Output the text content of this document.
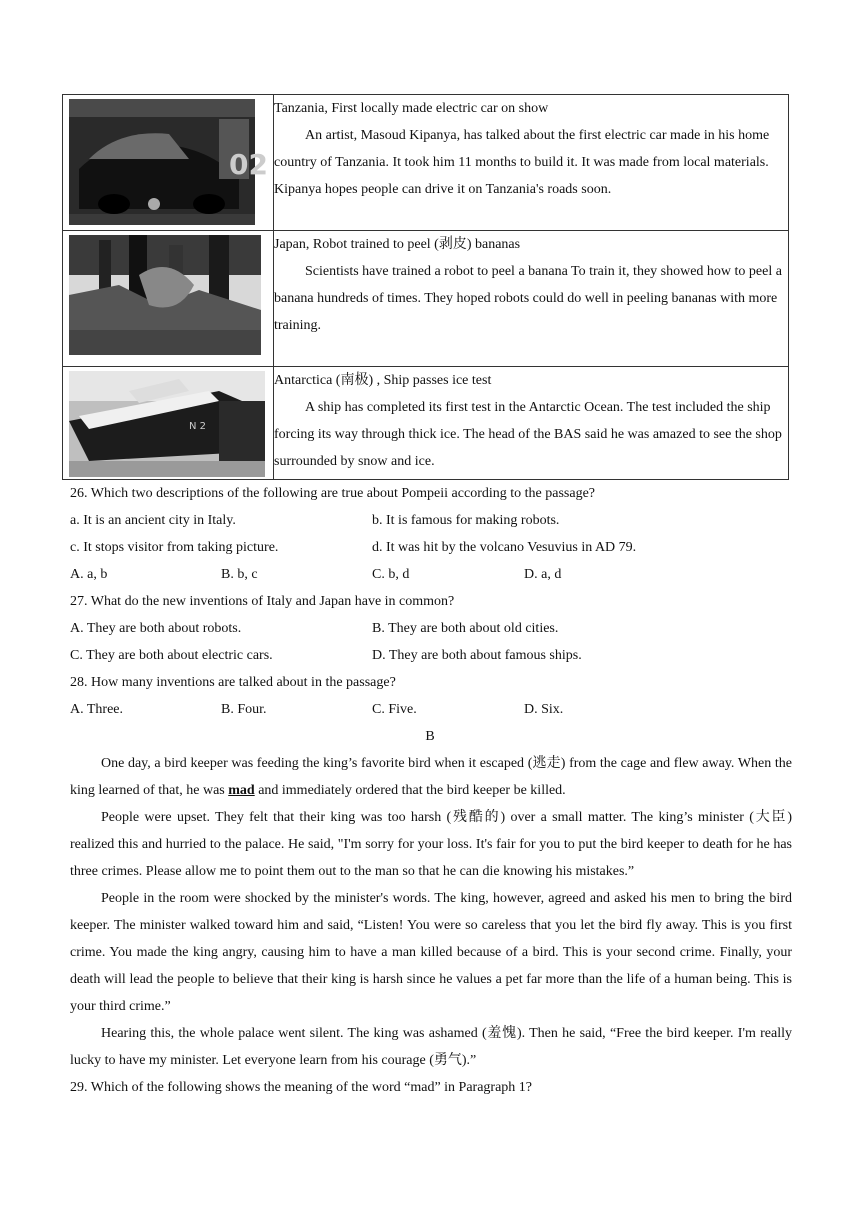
02	Tanzania, First locally made electric car on show
An artist, Masoud Kipanya, has talked about the first electric car made in his home country of Tanzania. It took him 11 months to build it. It was made from local materials. Kipanya hopes people can drive it on Tanzania's roads soon.

Japan, Robot trained to peel (剥皮) bananas
Scientists have trained a robot to peel a banana To train it, they showed how to peel a banana hundreds of times. They hoped robots could do well in peeling bananas with more training.

N 2	Antarctica (南极) , Ship passes ice test
A ship has completed its first test in the Antarctic Ocean. The test included the ship forcing its way through thick ice. The head of the BAS said he was amazed to see the shop surrounded by snow and ice.
26. Which two descriptions of the following are true about Pompeii according to the passage?
a. It is an ancient city in Italy.	b. It is famous for making robots.
c. It stops visitor from taking picture.	d. It was hit by the volcano Vesuvius in AD 79.
A. a, b	B. b, c	C. b, d	D. a, d
27. What do the new inventions of Italy and Japan have in common?
A. They are both about robots.	B. They are both about old cities.
C. They are both about electric cars.	D. They are both about famous ships.
28. How many inventions are talked about in the passage?
A. Three.	B. Four.	C. Five.	D. Six.
B
One day, a bird keeper was feeding the king’s favorite bird when it escaped (逃走) from the cage and flew away. When the king learned of that, he was mad and immediately ordered that the bird keeper be killed.
People were upset. They felt that their king was too harsh (残酷的) over a small matter. The king’s minister (大臣) realized this and hurried to the palace. He said, "I'm sorry for your loss. It's fair for you to put the bird keeper to death for he has three crimes. Please allow me to point them out to the man so that he can die knowing his mistakes.”
People in the room were shocked by the minister's words. The king, however, agreed and asked his men to bring the bird keeper. The minister walked toward him and said, “Listen! You were so careless that you let the bird fly away. This is you first crime. You made the king angry, causing him to have a man killed because of a bird. This is your second crime. Finally, your death will lead the people to believe that their king is harsh since he values a pet far more than the life of a human being. This is your third crime.”
Hearing this, the whole palace went silent. The king was ashamed (羞愧). Then he said, “Free the bird keeper. I'm really lucky to have my minister. Let everyone learn from his courage (勇气).”
29. Which of the following shows the meaning of the word “mad” in Paragraph 1?
